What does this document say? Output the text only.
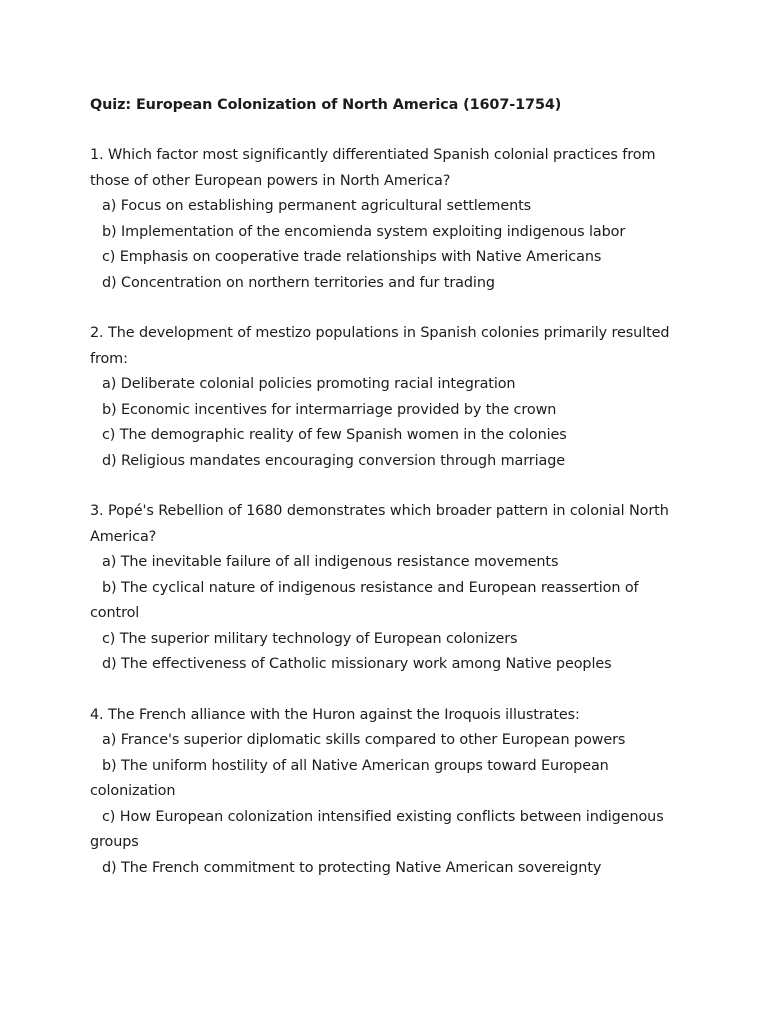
Quiz: European Colonization of North America (1607-1754)

1. Which factor most significantly differentiated Spanish colonial practices from those of other European powers in North America?

a) Focus on establishing permanent agricultural settlements

b) Implementation of the encomienda system exploiting indigenous labor

c) Emphasis on cooperative trade relationships with Native Americans

d) Concentration on northern territories and fur trading

2. The development of mestizo populations in Spanish colonies primarily resulted from:

a) Deliberate colonial policies promoting racial integration

b) Economic incentives for intermarriage provided by the crown

c) The demographic reality of few Spanish women in the colonies

d) Religious mandates encouraging conversion through marriage

3. Popé's Rebellion of 1680 demonstrates which broader pattern in colonial North America?

a) The inevitable failure of all indigenous resistance movements

b) The cyclical nature of indigenous resistance and European reassertion of control

c) The superior military technology of European colonizers

d) The effectiveness of Catholic missionary work among Native peoples

4. The French alliance with the Huron against the Iroquois illustrates:

a) France's superior diplomatic skills compared to other European powers

b) The uniform hostility of all Native American groups toward European colonization

c) How European colonization intensified existing conflicts between indigenous groups

d) The French commitment to protecting Native American sovereignty
